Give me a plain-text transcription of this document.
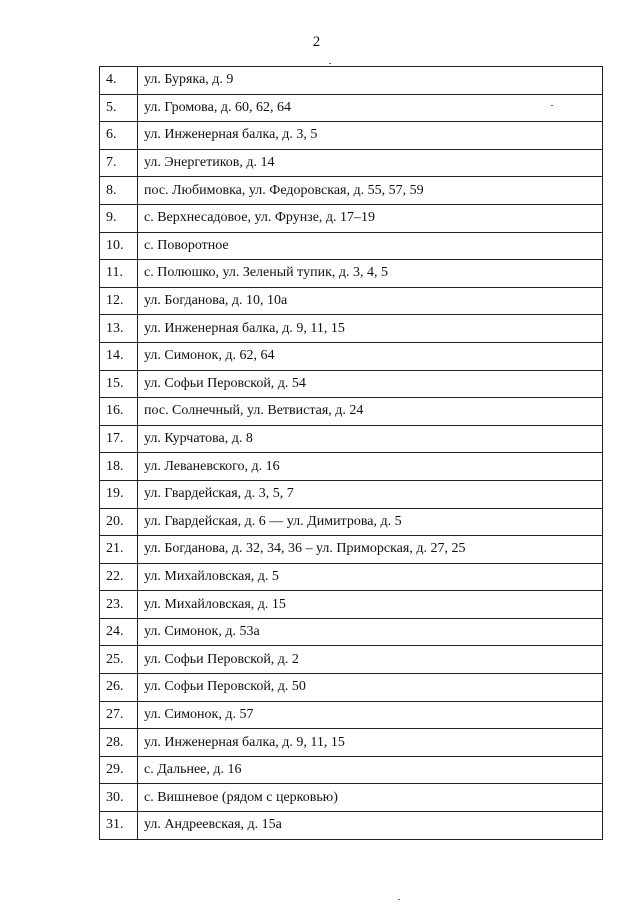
2
4.	ул. Буряка, д. 9
5.	ул. Громова, д. 60, 62, 64
6.	ул. Инженерная балка, д. 3, 5
7.	ул. Энергетиков, д. 14
8.	пос. Любимовка, ул. Федоровская, д. 55, 57, 59
9.	с. Верхнесадовое, ул. Фрунзе, д. 17–19
10.	с. Поворотное
11.	с. Полюшко, ул. Зеленый тупик, д. 3, 4, 5
12.	ул. Богданова, д. 10, 10а
13.	ул. Инженерная балка, д. 9, 11, 15
14.	ул. Симонок, д. 62, 64
15.	ул. Софьи Перовской, д. 54
16.	пос. Солнечный, ул. Ветвистая, д. 24
17.	ул. Курчатова, д. 8
18.	ул. Леваневского, д. 16
19.	ул. Гвардейская, д. 3, 5, 7
20.	ул. Гвардейская, д. 6 — ул. Димитрова, д. 5
21.	ул. Богданова, д. 32, 34, 36 – ул. Приморская, д. 27, 25
22.	ул. Михайловская, д. 5
23.	ул. Михайловская, д. 15
24.	ул. Симонок, д. 53а
25.	ул. Софьи Перовской, д. 2
26.	ул. Софьи Перовской, д. 50
27.	ул. Симонок, д. 57
28.	ул. Инженерная балка, д. 9, 11, 15
29.	с. Дальнее, д. 16
30.	с. Вишневое (рядом с церковью)
31.	ул. Андреевская, д. 15а
